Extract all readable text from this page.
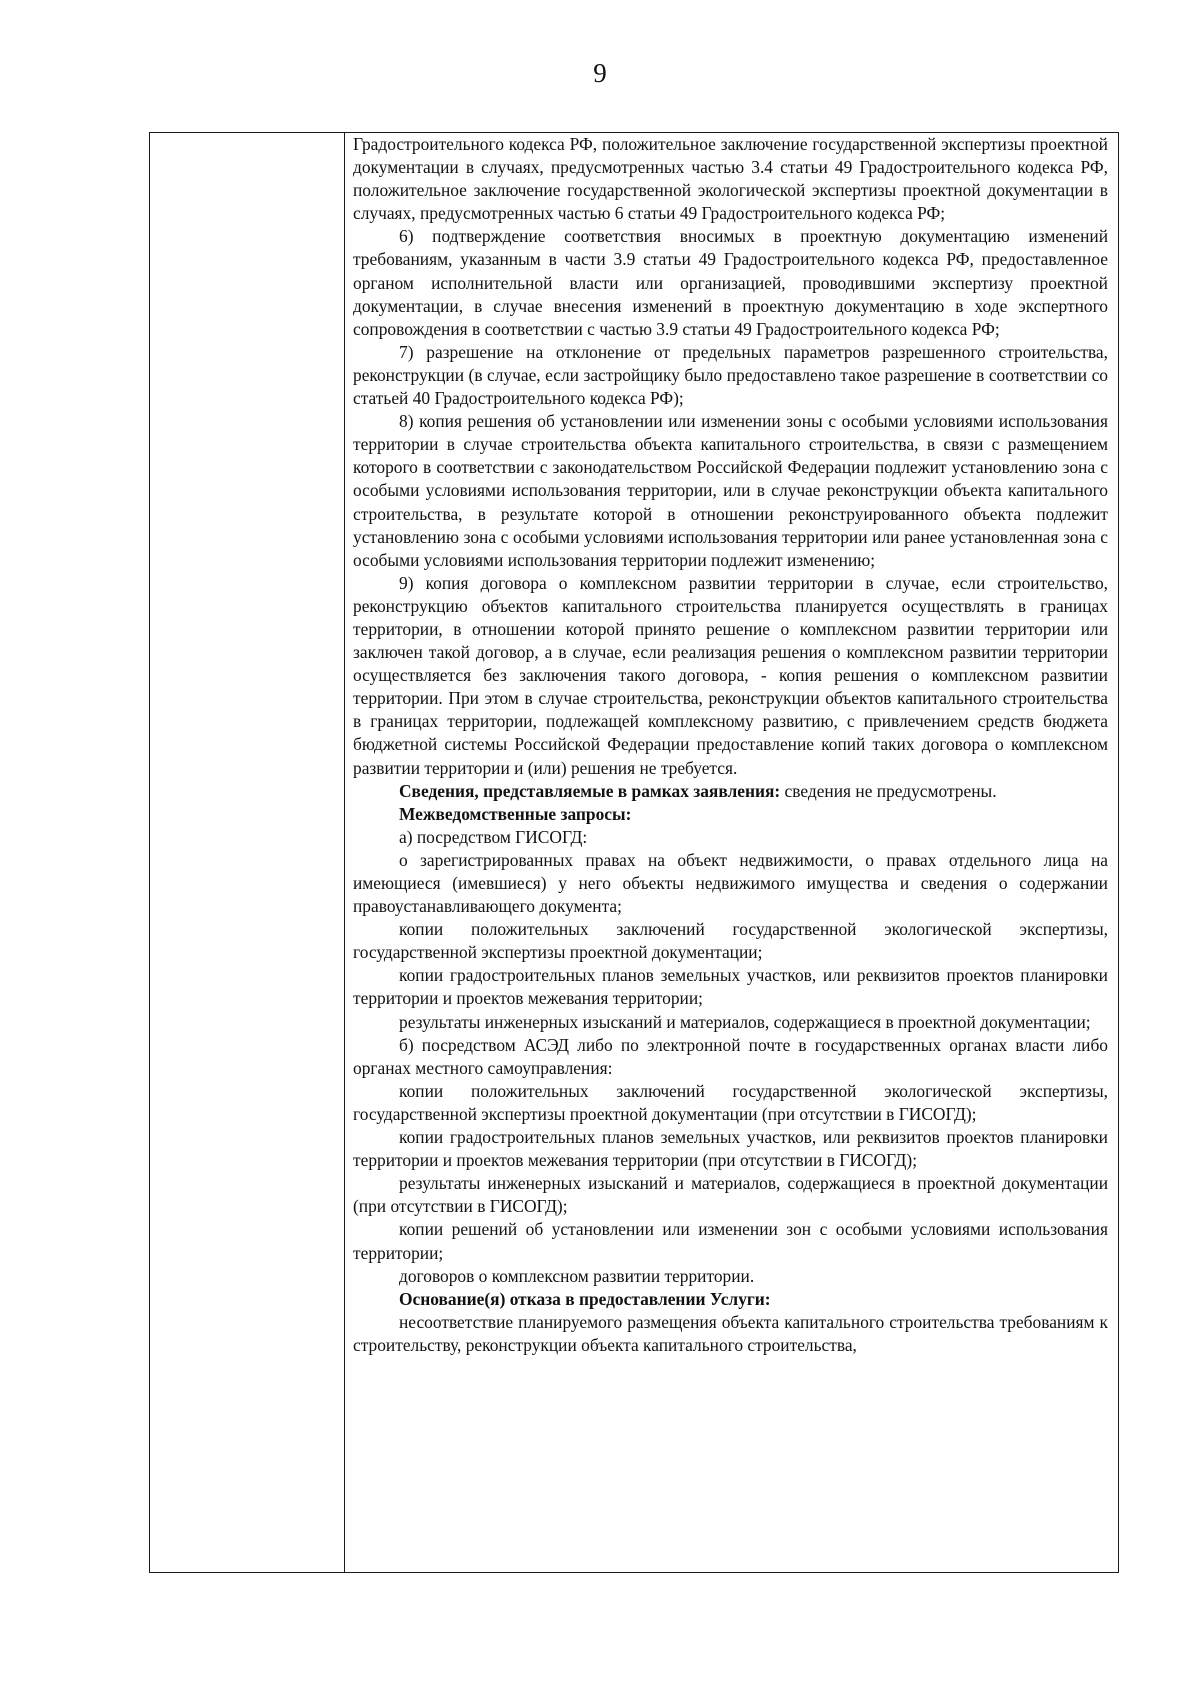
9

Градостроительного кодекса РФ, положительное заключение государственной экспертизы проектной документации в случаях, предусмотренных частью 3.4 статьи 49 Градостроительного кодекса РФ, положительное заключение государственной экологической экспертизы проектной документации в случаях, предусмотренных частью 6 статьи 49 Градостроительного кодекса РФ;

6) подтверждение соответствия вносимых в проектную документацию изменений требованиям, указанным в части 3.9 статьи 49 Градостроительного кодекса РФ, предоставленное органом исполнительной власти или организацией, проводившими экспертизу проектной документации, в случае внесения изменений в проектную документацию в ходе экспертного сопровождения в соответствии с частью 3.9 статьи 49 Градостроительного кодекса РФ;

7) разрешение на отклонение от предельных параметров разрешенного строительства, реконструкции (в случае, если застройщику было предоставлено такое разрешение в соответствии со статьей 40 Градостроительного кодекса РФ);

8) копия решения об установлении или изменении зоны с особыми условиями использования территории в случае строительства объекта капитального строительства, в связи с размещением которого в соответствии с законодательством Российской Федерации подлежит установлению зона с особыми условиями использования территории, или в случае реконструкции объекта капитального строительства, в результате которой в отношении реконструированного объекта подлежит установлению зона с особыми условиями использования территории или ранее установленная зона с особыми условиями использования территории подлежит изменению;

9) копия договора о комплексном развитии территории в случае, если строительство, реконструкцию объектов капитального строительства планируется осуществлять в границах территории, в отношении которой принято решение о комплексном развитии территории или заключен такой договор, а в случае, если реализация решения о комплексном развитии территории осуществляется без заключения такого договора, - копия решения о комплексном развитии территории. При этом в случае строительства, реконструкции объектов капитального строительства в границах территории, подлежащей комплексному развитию, с привлечением средств бюджета бюджетной системы Российской Федерации предоставление копий таких договора о комплексном развитии территории и (или) решения не требуется.

Сведения, представляемые в рамках заявления: сведения не предусмотрены.

Межведомственные запросы:

а) посредством ГИСОГД:

о зарегистрированных правах на объект недвижимости, о правах отдельного лица на имеющиеся (имевшиеся) у него объекты недвижимого имущества и сведения о содержании правоустанавливающего документа;

копии положительных заключений государственной экологической экспертизы, государственной экспертизы проектной документации;

копии градостроительных планов земельных участков, или реквизитов проектов планировки территории и проектов межевания территории;

результаты инженерных изысканий и материалов, содержащиеся в проектной документации;

б) посредством АСЭД либо по электронной почте в государственных органах власти либо органах местного самоуправления:

копии положительных заключений государственной экологической экспертизы, государственной экспертизы проектной документации (при отсутствии в ГИСОГД);

копии градостроительных планов земельных участков, или реквизитов проектов планировки территории и проектов межевания территории (при отсутствии в ГИСОГД);

результаты инженерных изысканий и материалов, содержащиеся в проектной документации (при отсутствии в ГИСОГД);

копии решений об установлении или изменении зон с особыми условиями использования территории;

договоров о комплексном развитии территории.

Основание(я) отказа в предоставлении Услуги:

несоответствие планируемого размещения объекта капитального строительства требованиям к строительству, реконструкции объекта капитального строительства,
